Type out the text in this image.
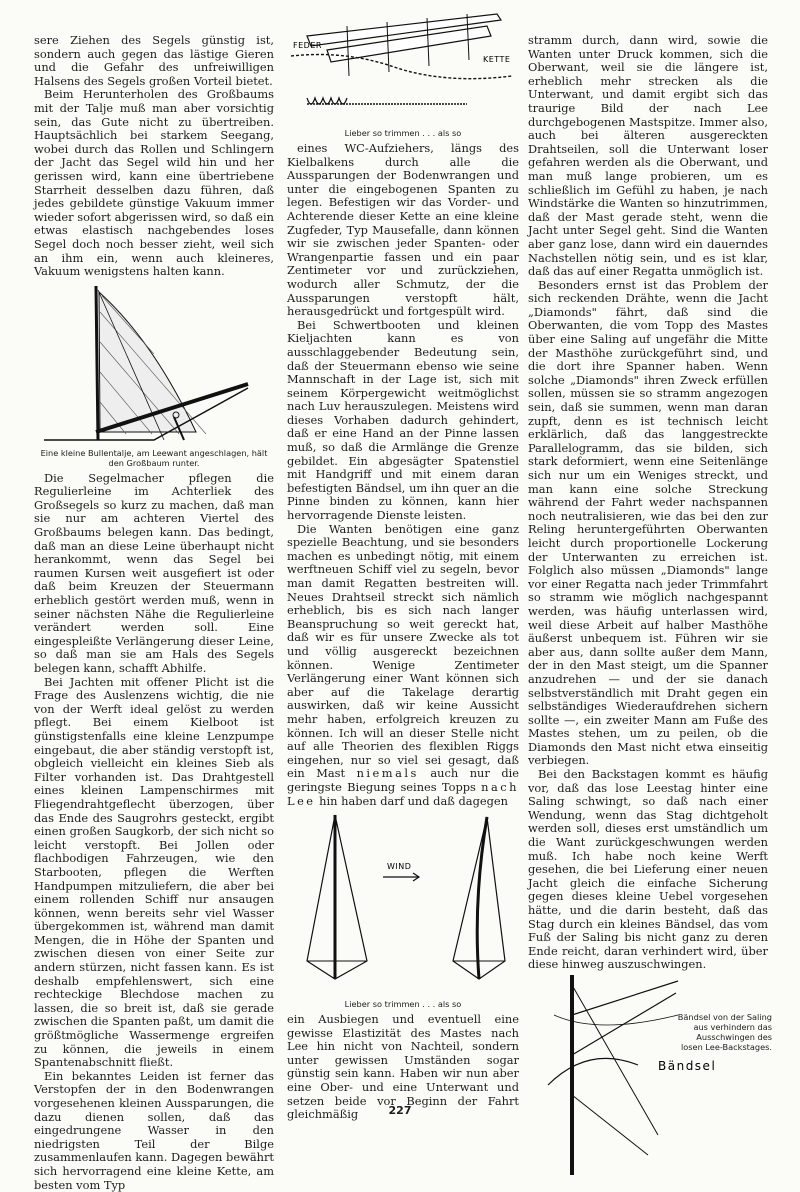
sere Ziehen des Segels günstig ist, sondern auch gegen das lästige Gieren und die Gefahr des unfreiwilligen Halsens des Segels großen Vorteil bietet.

Beim Herunterholen des Großbaums mit der Talje muß man aber vorsichtig sein, das Gute nicht zu übertreiben. Hauptsächlich bei starkem Seegang, wobei durch das Rollen und Schlingern der Jacht das Segel wild hin und her gerissen wird, kann eine übertriebene Starrheit desselben dazu führen, daß jedes gebildete günstige Vakuum immer wieder sofort abgerissen wird, so daß ein etwas elastisch nachgebendes loses Segel doch noch besser zieht, weil sich an ihm ein, wenn auch kleineres, Vakuum wenigstens halten kann.

Eine kleine Bullentalje, am Leewant angeschlagen, hält den Großbaum runter.

Die Segelmacher pflegen die Regulierleine im Achterliek des Großsegels so kurz zu machen, daß man sie nur am achteren Viertel des Großbaums belegen kann. Das bedingt, daß man an diese Leine überhaupt nicht herankommt, wenn das Segel bei raumen Kursen weit ausgefiert ist oder daß beim Kreuzen der Steuermann erheblich gestört werden muß, wenn in seiner nächsten Nähe die Regulierleine verändert werden soll. Eine eingespleißte Verlängerung dieser Leine, so daß man sie am Hals des Segels belegen kann, schafft Abhilfe.

Bei Jachten mit offener Plicht ist die Frage des Auslenzens wichtig, die nie von der Werft ideal gelöst zu werden pflegt. Bei einem Kielboot ist günstigstenfalls eine kleine Lenzpumpe eingebaut, die aber ständig verstopft ist, obgleich vielleicht ein kleines Sieb als Filter vorhanden ist. Das Drahtgestell eines kleinen Lampenschirmes mit Fliegendrahtgeflecht überzogen, über das Ende des Saugrohrs gesteckt, ergibt einen großen Saugkorb, der sich nicht so leicht verstopft. Bei Jollen oder flachbodigen Fahrzeugen, wie den Starbooten, pflegen die Werften Handpumpen mitzuliefern, die aber bei einem rollenden Schiff nur ansaugen können, wenn bereits sehr viel Wasser übergekommen ist, während man damit Mengen, die in Höhe der Spanten und zwischen diesen von einer Seite zur andern stürzen, nicht fassen kann. Es ist deshalb empfehlenswert, sich eine rechteckige Blechdose machen zu lassen, die so breit ist, daß sie gerade zwischen die Spanten paßt, um damit die größtmögliche Wassermenge ergreifen zu können, die jeweils in einem Spantenabschnitt fließt.

Ein bekanntes Leiden ist ferner das Verstopfen der in den Bodenwrangen vorgesehenen kleinen Aussparungen, die dazu dienen sollen, daß das eingedrungene Wasser in den niedrigsten Teil der Bilge zusammenlaufen kann. Dagegen bewährt sich hervorragend eine kleine Kette, am besten vom Typ

FEDER
KETTE
Lieber so trimmen . . . als so

eines WC-Aufziehers, längs des Kielbalkens durch alle die Aussparungen der Bodenwrangen und unter die eingebogenen Spanten zu legen. Befestigen wir das Vorder- und Achterende dieser Kette an eine kleine Zugfeder, Typ Mausefalle, dann können wir sie zwischen jeder Spanten- oder Wrangenpartie fassen und ein paar Zentimeter vor und zurückziehen, wodurch aller Schmutz, der die Aussparungen verstopft hält, herausgedrückt und fortgespült wird.

Bei Schwertbooten und kleinen Kieljachten kann es von ausschlaggebender Bedeutung sein, daß der Steuermann ebenso wie seine Mannschaft in der Lage ist, sich mit seinem Körpergewicht weitmöglichst nach Luv herauszulegen. Meistens wird dieses Vorhaben dadurch gehindert, daß er eine Hand an der Pinne lassen muß, so daß die Armlänge die Grenze gebildet. Ein abgesägter Spatenstiel mit Handgriff und mit einem daran befestigten Bändsel, um ihn quer an die Pinne binden zu können, kann hier hervorragende Dienste leisten.

Die Wanten benötigen eine ganz spezielle Beachtung, und sie besonders machen es unbedingt nötig, mit einem werftneuen Schiff viel zu segeln, bevor man damit Regatten bestreiten will. Neues Drahtseil streckt sich nämlich erheblich, bis es sich nach langer Beanspruchung so weit gereckt hat, daß wir es für unsere Zwecke als tot und völlig ausgereckt bezeichnen können. Wenige Zentimeter Verlängerung einer Want können sich aber auf die Takelage derartig auswirken, daß wir keine Aussicht mehr haben, erfolgreich kreuzen zu können. Ich will an dieser Stelle nicht auf alle Theorien des flexiblen Riggs eingehen, nur so viel sei gesagt, daß ein Mast niemals auch nur die geringste Biegung seines Topps nach Lee hin haben darf und daß dagegen

WIND
Lieber so trimmen . . . als so

ein Ausbiegen und eventuell eine gewisse Elastizität des Mastes nach Lee hin nicht von Nachteil, sondern unter gewissen Umständen sogar günstig sein kann. Haben wir nun aber eine Ober- und eine Unterwant und setzen beide vor Beginn der Fahrt gleichmäßig

stramm durch, dann wird, sowie die Wanten unter Druck kommen, sich die Oberwant, weil sie die längere ist, erheblich mehr strecken als die Unterwant, und damit ergibt sich das traurige Bild der nach Lee durchgebogenen Mastspitze. Immer also, auch bei älteren ausgereckten Drahtseilen, soll die Unterwant loser gefahren werden als die Oberwant, und man muß lange probieren, um es schließlich im Gefühl zu haben, je nach Windstärke die Wanten so hinzutrimmen, daß der Mast gerade steht, wenn die Jacht unter Segel geht. Sind die Wanten aber ganz lose, dann wird ein dauerndes Nachstellen nötig sein, und es ist klar, daß das auf einer Regatta unmöglich ist.

Besonders ernst ist das Problem der sich reckenden Drähte, wenn die Jacht „Diamonds" fährt, daß sind die Oberwanten, die vom Topp des Mastes über eine Saling auf ungefähr die Mitte der Masthöhe zurückgeführt sind, und die dort ihre Spanner haben. Wenn solche „Diamonds" ihren Zweck erfüllen sollen, müssen sie so stramm angezogen sein, daß sie summen, wenn man daran zupft, denn es ist technisch leicht erklärlich, daß das langgestreckte Parallelogramm, das sie bilden, sich stark deformiert, wenn eine Seitenlänge sich nur um ein Weniges streckt, und man kann eine solche Streckung während der Fahrt weder nachspannen noch neutralisieren, wie das bei den zur Reling heruntergeführten Oberwanten leicht durch proportionelle Lockerung der Unterwanten zu erreichen ist. Folglich also müssen „Diamonds" lange vor einer Regatta nach jeder Trimmfahrt so stramm wie möglich nachgespannt werden, was häufig unterlassen wird, weil diese Arbeit auf halber Masthöhe äußerst unbequem ist. Führen wir sie aber aus, dann sollte außer dem Mann, der in den Mast steigt, um die Spanner anzudrehen — und der sie danach selbstverständlich mit Draht gegen ein selbständiges Wiederaufdrehen sichern sollte —, ein zweiter Mann am Fuße des Mastes stehen, um zu peilen, ob die Diamonds den Mast nicht etwa einseitig verbiegen.

Bei den Backstagen kommt es häufig vor, daß das lose Leestag hinter eine Saling schwingt, so daß nach einer Wendung, wenn das Stag dichtgeholt werden soll, dieses erst umständlich um die Want zurückgeschwungen werden muß. Ich habe noch keine Werft gesehen, die bei Lieferung einer neuen Jacht gleich die einfache Sicherung gegen dieses kleine Uebel vorgesehen hätte, und die darin besteht, daß das Stag durch ein kleines Bändsel, das vom Fuß der Saling bis nicht ganz zu deren Ende reicht, daran verhindert wird, über diese hinweg auszuschwingen.

Bändsel
Bändsel von der Saling aus verhindern das Ausschwingen des losen Lee-Backstages.
227
